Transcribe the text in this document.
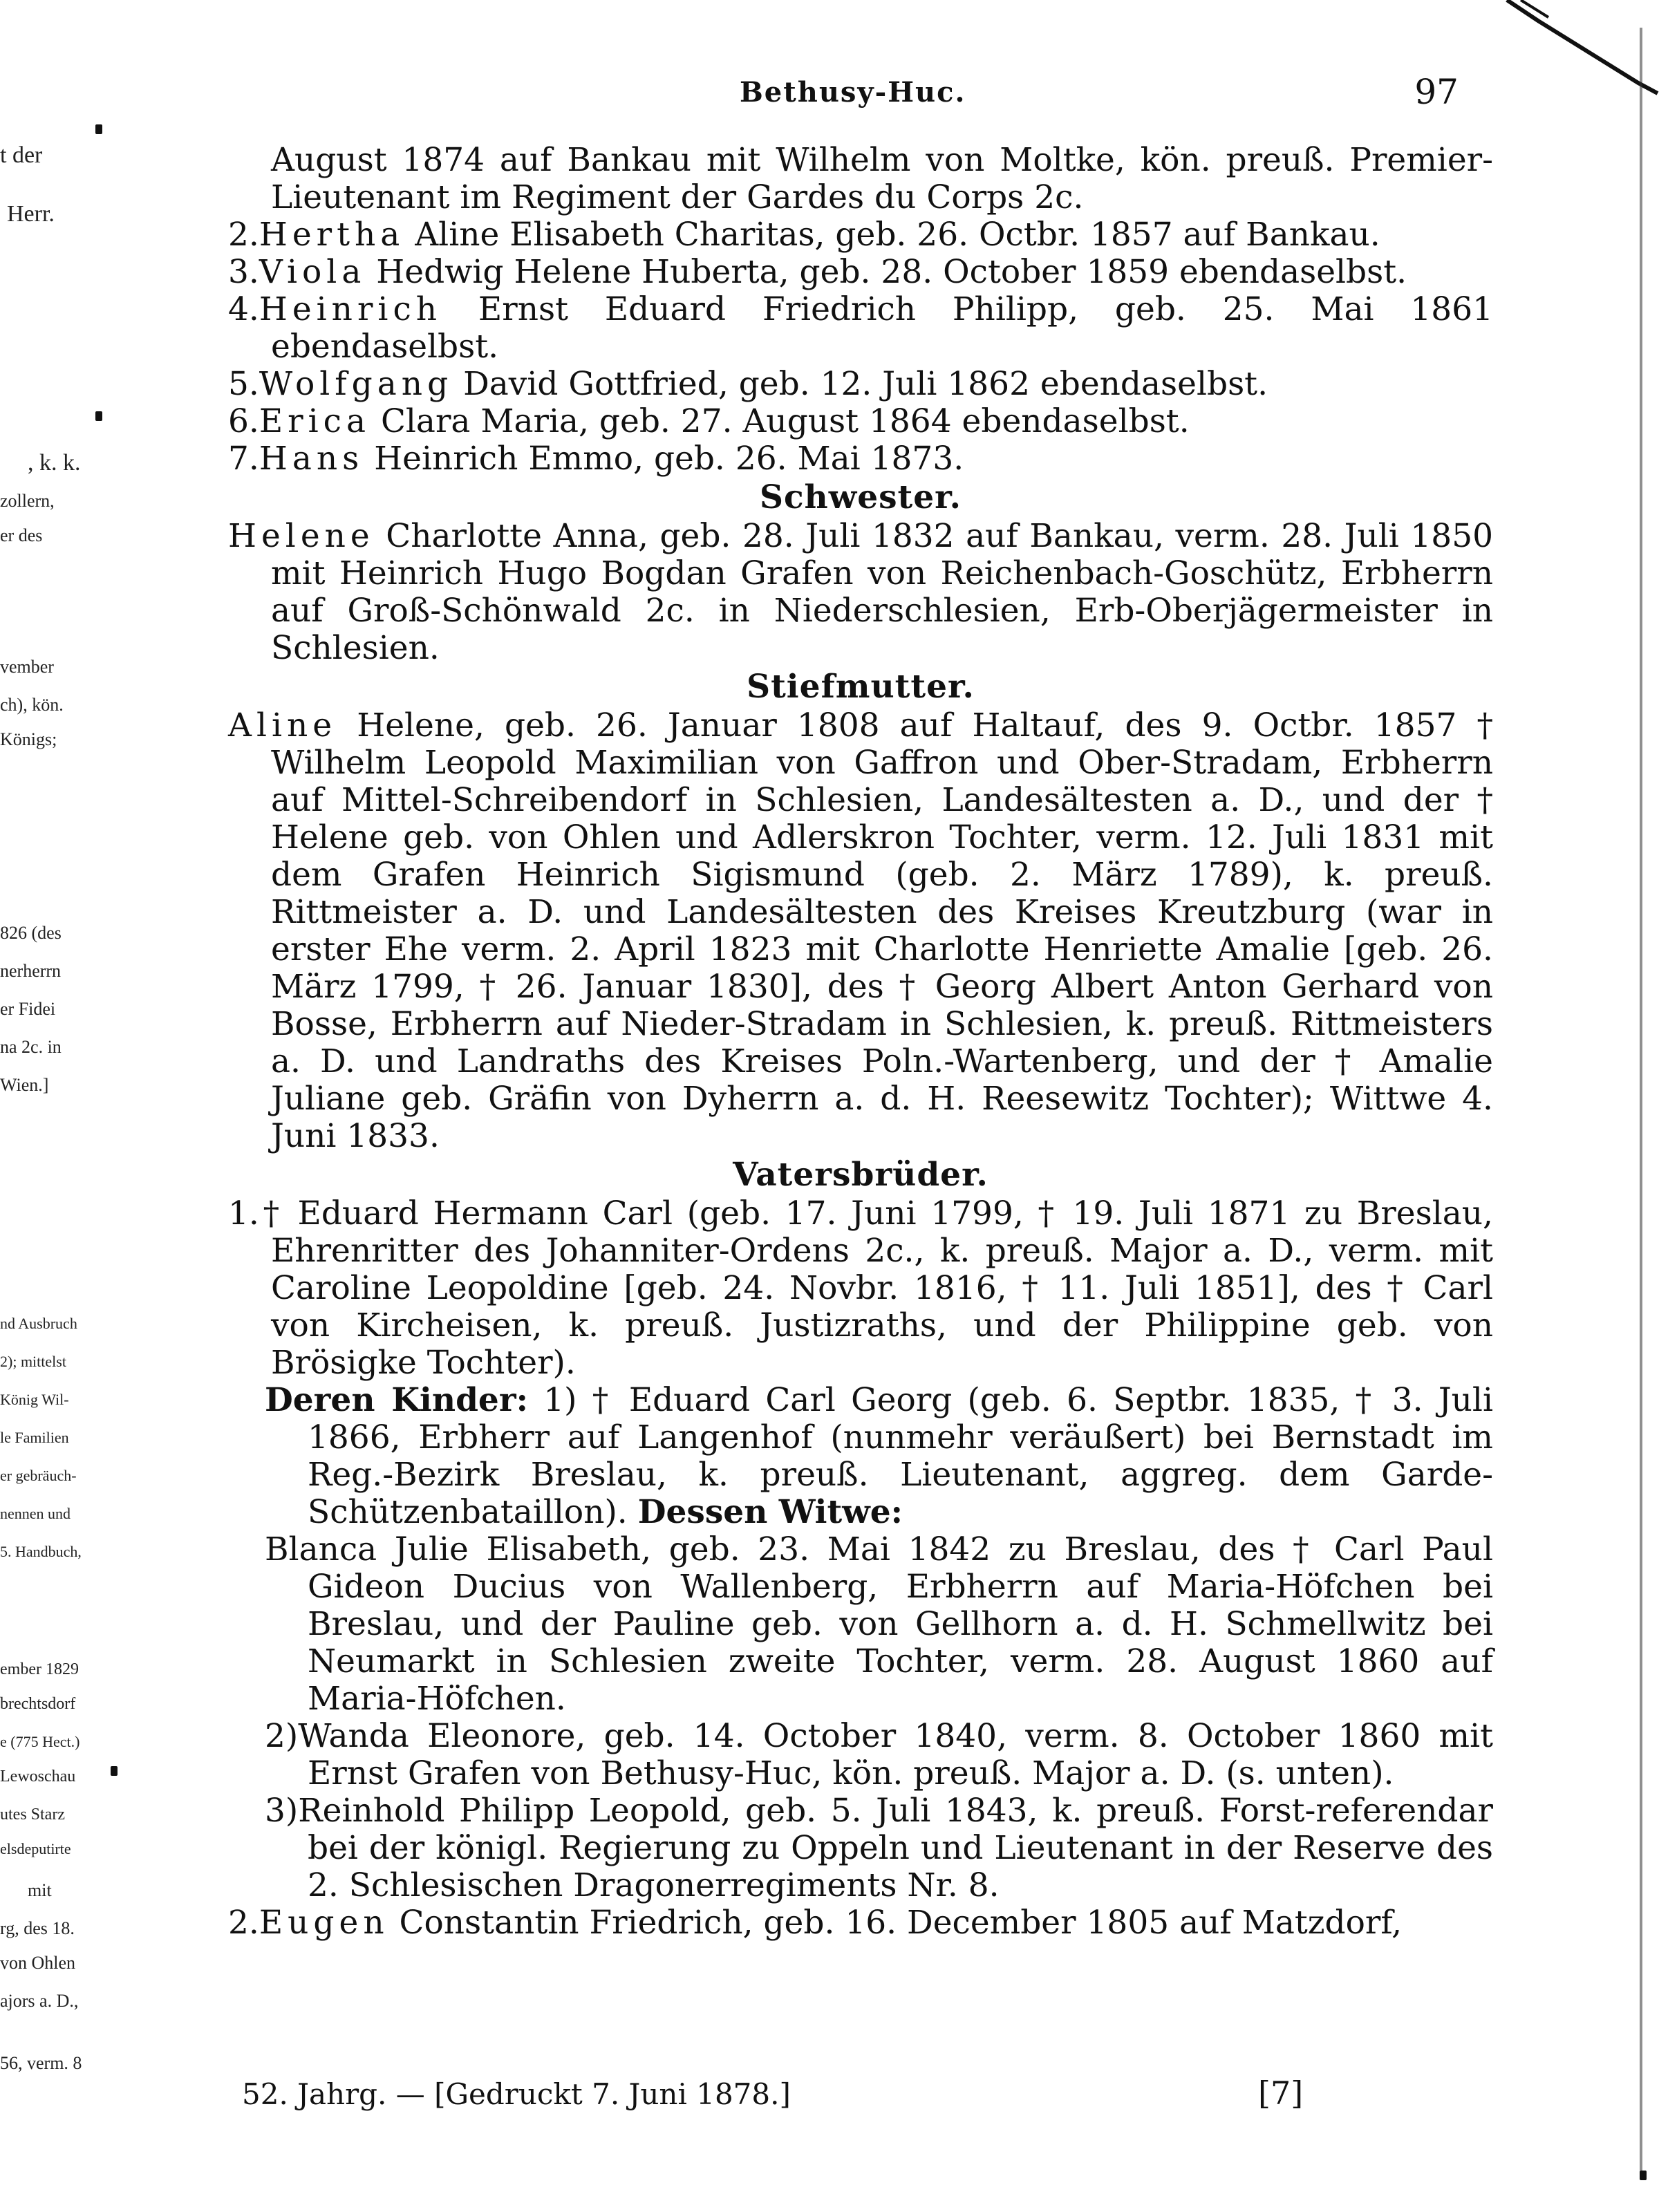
t der
Herr.
, k. k.
zollern,
er des
vember
ch), kön.
Königs;
826 (des
nerherrn
er Fidei
na 2c. in
Wien.]
nd Ausbruch
2); mittelst
König Wil-
le Familien
er gebräuch-
nennen und
5. Handbuch,
ember 1829
brechtsdorf
e (775 Hect.)
Lewoschau
utes Starz
elsdeputirte
mit
rg, des 18.
von Ohlen
ajors a. D.,
56, verm. 8
Bethusy-Huc.	97

August 1874 auf Bankau mit Wilhelm von Moltke, kön. preuß. Premier-Lieutenant im Regiment der Gardes du Corps 2c.

2.Hertha Aline Elisabeth Charitas, geb. 26. Octbr. 1857 auf Bankau.

3.Viola Hedwig Helene Huberta, geb. 28. October 1859 ebendaselbst.

4.Heinrich Ernst Eduard Friedrich Philipp, geb. 25. Mai 1861 ebendaselbst.

5.Wolfgang David Gottfried, geb. 12. Juli 1862 ebendaselbst.

6.Erica Clara Maria, geb. 27. August 1864 ebendaselbst.

7.Hans Heinrich Emmo, geb. 26. Mai 1873.

Schwester.

Helene Charlotte Anna, geb. 28. Juli 1832 auf Bankau, verm. 28. Juli 1850 mit Heinrich Hugo Bogdan Grafen von Reichenbach-Goschütz, Erbherrn auf Groß-Schönwald 2c. in Niederschlesien, Erb-Oberjägermeister in Schlesien.

Stiefmutter.

Aline Helene, geb. 26. Januar 1808 auf Haltauf, des 9. Octbr. 1857 † Wilhelm Leopold Maximilian von Gaffron und Ober-Stradam, Erbherrn auf Mittel-Schreibendorf in Schlesien, Landesältesten a. D., und der † Helene geb. von Ohlen und Adlerskron Tochter, verm. 12. Juli 1831 mit dem Grafen Heinrich Sigismund (geb. 2. März 1789), k. preuß. Rittmeister a. D. und Landesältesten des Kreises Kreutzburg (war in erster Ehe verm. 2. April 1823 mit Charlotte Henriette Amalie [geb. 26. März 1799, † 26. Januar 1830], des † Georg Albert Anton Gerhard von Bosse, Erbherrn auf Nieder-Stradam in Schlesien, k. preuß. Rittmeisters a. D. und Landraths des Kreises Poln.-Wartenberg, und der † Amalie Juliane geb. Gräfin von Dyherrn a. d. H. Reesewitz Tochter); Wittwe 4. Juni 1833.

Vatersbrüder.

1.† Eduard Hermann Carl (geb. 17. Juni 1799, † 19. Juli 1871 zu Breslau, Ehrenritter des Johanniter-Ordens 2c., k. preuß. Major a. D., verm. mit Caroline Leopoldine [geb. 24. Novbr. 1816, † 11. Juli 1851], des † Carl von Kircheisen, k. preuß. Justizraths, und der Philippine geb. von Brösigke Tochter).

Deren Kinder: 1) † Eduard Carl Georg (geb. 6. Septbr. 1835, † 3. Juli 1866, Erbherr auf Langenhof (nunmehr veräußert) bei Bernstadt im Reg.-Bezirk Breslau, k. preuß. Lieutenant, aggreg. dem Garde-Schützenbataillon). Dessen Witwe:

Blanca Julie Elisabeth, geb. 23. Mai 1842 zu Breslau, des † Carl Paul Gideon Ducius von Wallenberg, Erbherrn auf Maria-Höfchen bei Breslau, und der Pauline geb. von Gellhorn a. d. H. Schmellwitz bei Neumarkt in Schlesien zweite Tochter, verm. 28. August 1860 auf Maria-Höfchen.

2)Wanda Eleonore, geb. 14. October 1840, verm. 8. October 1860 mit Ernst Grafen von Bethusy-Huc, kön. preuß. Major a. D. (s. unten).

3)Reinhold Philipp Leopold, geb. 5. Juli 1843, k. preuß. Forst-referendar bei der königl. Regierung zu Oppeln und Lieutenant in der Reserve des 2. Schlesischen Dragonerregiments Nr. 8.

2.Eugen Constantin Friedrich, geb. 16. December 1805 auf Matzdorf,

52. Jahrg. — [Gedruckt 7. Juni 1878.]	[7]
